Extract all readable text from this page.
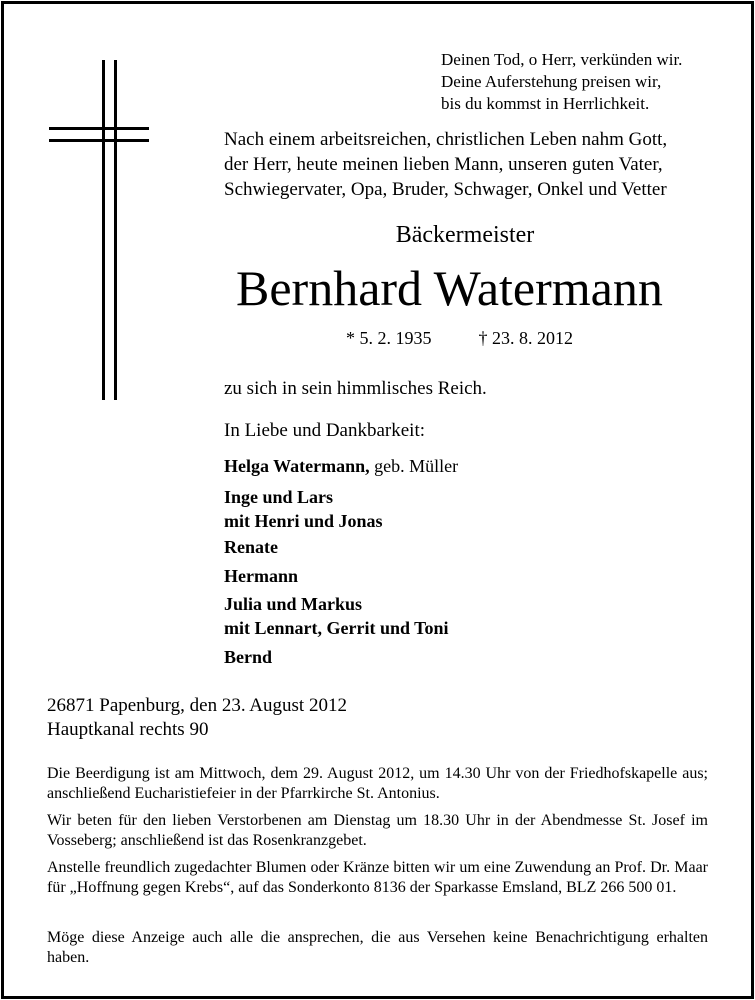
Deinen Tod, o Herr, verkünden wir.
Deine Auferstehung preisen wir,
bis du kommst in Herrlichkeit.
Nach einem arbeitsreichen, christlichen Leben nahm Gott,
der Herr, heute meinen lieben Mann, unseren guten Vater,
Schwiegervater, Opa, Bruder, Schwager, Onkel und Vetter
Bäckermeister
Bernhard Watermann
* 5. 2. 1935	† 23. 8. 2012
zu sich in sein himmlisches Reich.
In Liebe und Dankbarkeit:
Helga Watermann, geb. Müller
Inge und Lars
mit Henri und Jonas
Renate
Hermann
Julia und Markus
mit Lennart, Gerrit und Toni
Bernd
26871 Papenburg, den 23. August 2012
Hauptkanal rechts 90

Die Beerdigung ist am Mittwoch, dem 29. August 2012, um 14.30 Uhr von der Friedhofskapelle aus; anschließend Eucharistiefeier in der Pfarrkirche St. Antonius.

Wir beten für den lieben Verstorbenen am Dienstag um 18.30 Uhr in der Abendmesse St. Josef im Vosseberg; anschließend ist das Rosenkranzgebet.

Anstelle freundlich zugedachter Blumen oder Kränze bitten wir um eine Zuwendung an Prof. Dr. Maar für „Hoffnung gegen Krebs“, auf das Sonderkonto 8136 der Sparkasse Emsland, BLZ 266 500 01.

Möge diese Anzeige auch alle die ansprechen, die aus Versehen keine Benachrichtigung erhalten haben.
